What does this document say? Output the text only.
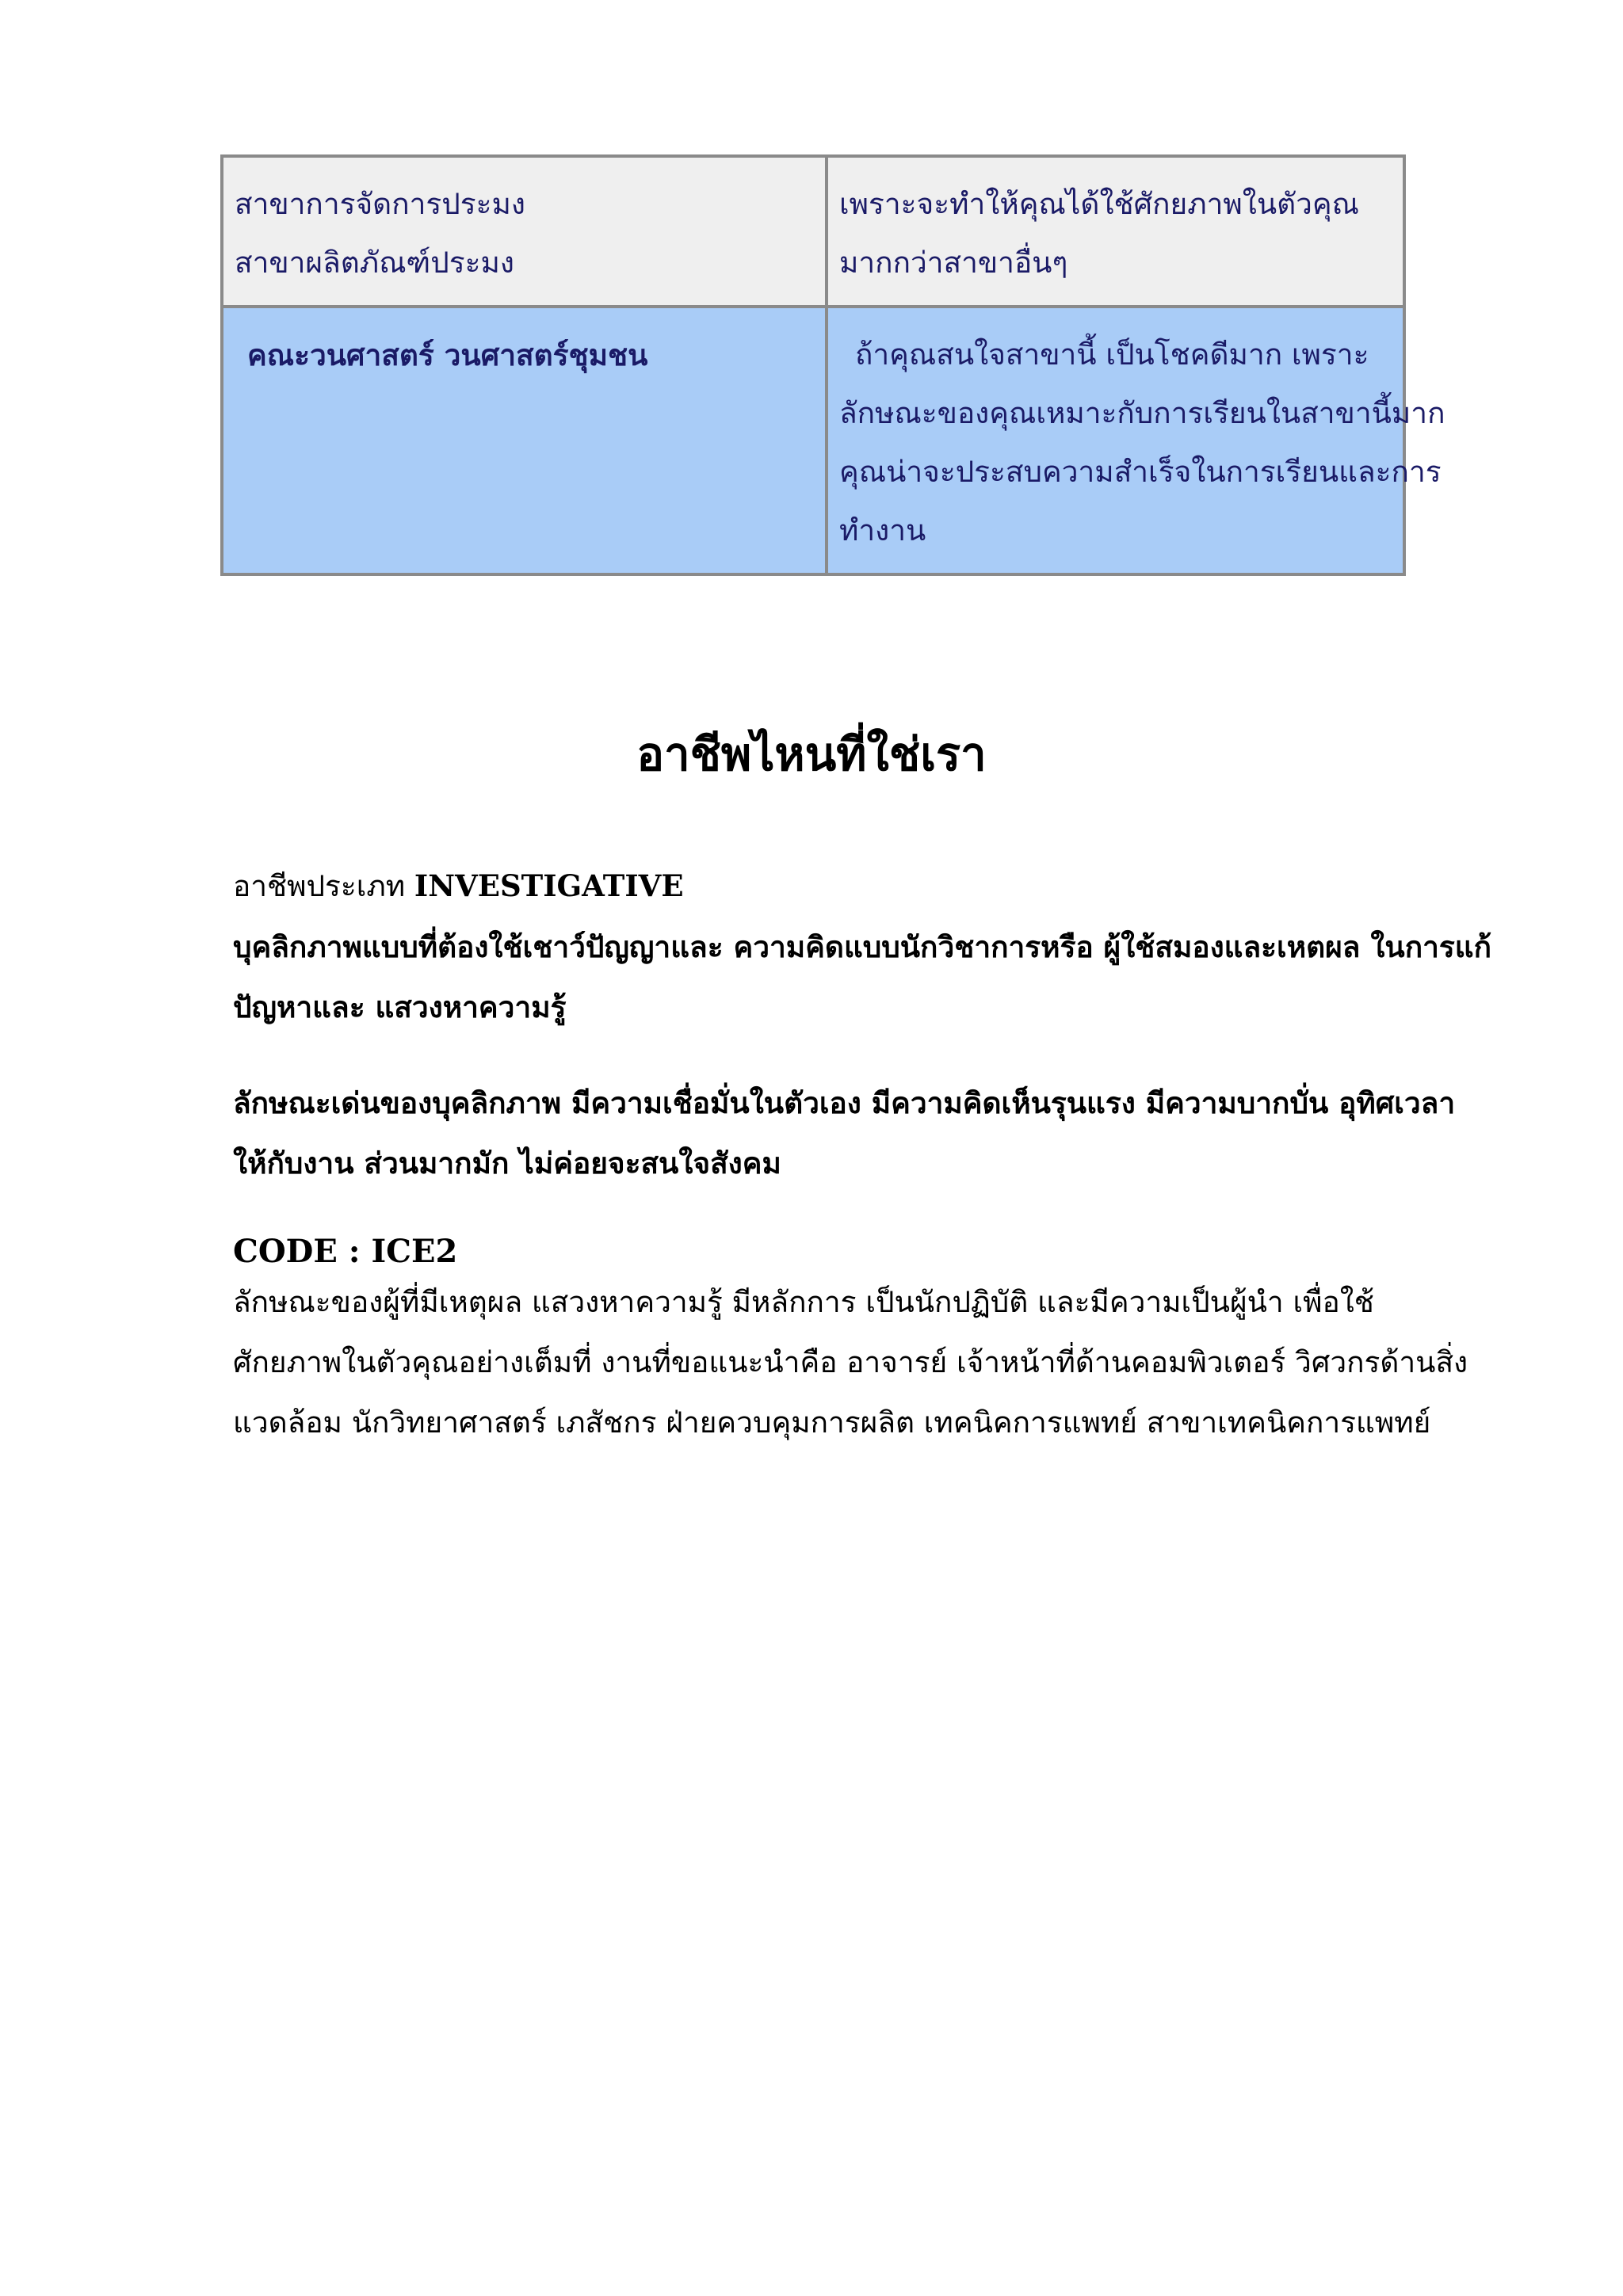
สาขาการจัดการประมง
สาขาผลิตภัณฑ์ประมง	เพราะจะทำให้คุณได้ใช้ศักยภาพในตัวคุณ
มากกว่าสาขาอื่นๆ

คณะวนศาสตร์ วนศาสตร์ชุมชน	ถ้าคุณสนใจสาขานี้ เป็นโชคดีมาก เพราะ
ลักษณะของคุณเหมาะกับการเรียนในสาขานี้มาก
คุณน่าจะประสบความสำเร็จในการเรียนและการ
ทำงาน
อาชีพไหนที่ใช่เรา
อาชีพประเภท INVESTIGATIVE
บุคลิกภาพแบบที่ต้องใช้เชาว์ปัญญาและ ความคิดแบบนักวิชาการหรือ ผู้ใช้สมองและเหตผล ในการแก้
ปัญหาและ แสวงหาความรู้
ลักษณะเด่นของบุคลิกภาพ มีความเชื่อมั่นในตัวเอง มีความคิดเห็นรุนแรง มีความบากบั่น อุทิศเวลา
ให้กับงาน ส่วนมากมัก ไม่ค่อยจะสนใจสังคม
CODE : ICE2
ลักษณะของผู้ที่มีเหตุผล แสวงหาความรู้ มีหลักการ เป็นนักปฏิบัติ และมีความเป็นผู้นำ เพื่อใช้
ศักยภาพในตัวคุณอย่างเต็มที่ งานที่ขอแนะนำคือ อาจารย์ เจ้าหน้าที่ด้านคอมพิวเตอร์ วิศวกรด้านสิ่ง
แวดล้อม นักวิทยาศาสตร์ เภสัชกร ฝ่ายควบคุมการผลิต เทคนิคการแพทย์ สาขาเทคนิคการแพทย์
